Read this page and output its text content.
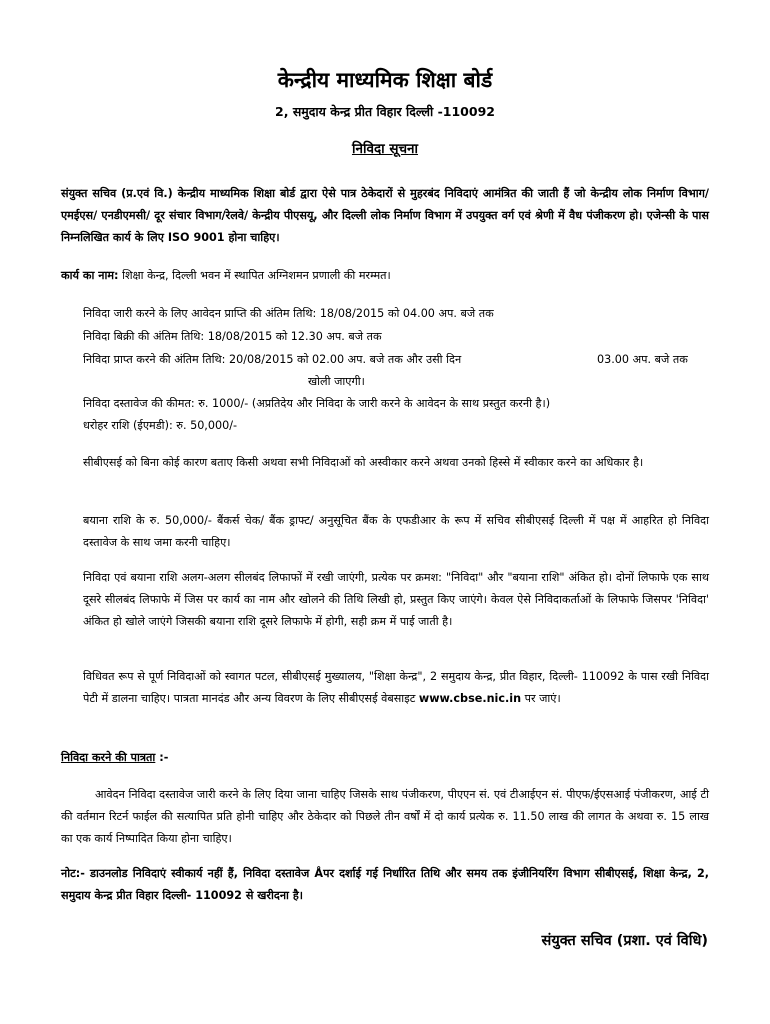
केन्द्रीय माध्यमिक शिक्षा बोर्ड
2, समुदाय केन्द्र प्रीत विहार दिल्ली -110092
निविदा सूचना
संयुक्त सचिव (प्र.एवं वि.) केन्द्रीय माध्यमिक शिक्षा बोर्ड द्वारा ऐसे पात्र ठेकेदारों से मुहरबंद निविदाएं आमंत्रित की जाती हैं जो केन्द्रीय लोक निर्माण विभाग/ एमईएस/ एनडीएमसी/ दूर संचार विभाग/रेलवे/ केन्द्रीय पीएसयू, और दिल्ली लोक निर्माण विभाग में उपयुक्त वर्ग एवं श्रेणी में वैध पंजीकरण हो। एजेन्सी के पास निम्नलिखित कार्य के लिए ISO 9001 होना चाहिए।
कार्य का नाम: शिक्षा केन्द्र, दिल्ली भवन में स्थापित अग्निशमन प्रणाली की मरम्मत।
निविदा जारी करने के लिए आवेदन प्राप्ति की अंतिम तिथि: 18/08/2015 को 04.00 अप. बजे तक
निविदा बिक्री की अंतिम तिथि: 18/08/2015 को 12.30 अप. बजे तक
निविदा प्राप्त करने की अंतिम तिथि: 20/08/2015 को 02.00 अप. बजे तक और उसी दिन	03.00 अप. बजे तक
खोली जाएगी।
निविदा दस्तावेज की कीमत: रु. 1000/- (अप्रतिदेय और निविदा के जारी करने के आवेदन के साथ प्रस्तुत करनी है।)
धरोहर राशि (ईएमडी): रु. 50,000/-
सीबीएसई को बिना कोई कारण बताए किसी अथवा सभी निविदाओं को अस्वीकार करने अथवा उनको हिस्से में स्वीकार करने का अधिकार है।
बयाना राशि के रु. 50,000/- बैंकर्स चेक/ बैंक ड्राफ्ट/ अनुसूचित बैंक के एफडीआर के रूप में सचिव सीबीएसई दिल्ली में पक्ष में आहरित हो निविदा दस्तावेज के साथ जमा करनी चाहिए।
निविदा एवं बयाना राशि अलग-अलग सीलबंद लिफाफों में रखी जाएंगी, प्रत्येक पर क्रमश: "निविदा" और "बयाना राशि" अंकित हो। दोनों लिफाफे एक साथ दूसरे सीलबंद लिफाफे में जिस पर कार्य का नाम और खोलने की तिथि लिखी हो, प्रस्तुत किए जाएंगे। केवल ऐसे निविदाकर्ताओं के लिफाफे जिसपर 'निविदा' अंकित हो खोले जाएंगे जिसकी बयाना राशि दूसरे लिफाफे में होगी, सही क्रम में पाई जाती है।
विधिवत रूप से पूर्ण निविदाओं को स्वागत पटल, सीबीएसई मुख्यालय, "शिक्षा केन्द्र", 2 समुदाय केन्द्र, प्रीत विहार, दिल्ली- 110092 के पास रखी निविदा पेटी में डालना चाहिए। पात्रता मानदंड और अन्य विवरण के लिए सीबीएसई वेबसाइट www.cbse.nic.in पर जाएं।
निविदा करने की पात्रता :-
आवेदन निविदा दस्तावेज जारी करने के लिए दिया जाना चाहिए जिसके साथ पंजीकरण, पीएएन सं. एवं टीआईएन सं. पीएफ/ईएसआई पंजीकरण, आई टी की वर्तमान रिटर्न फाईल की सत्यापित प्रति होनी चाहिए और ठेकेदार को पिछले तीन वर्षों में दो कार्य प्रत्येक रु. 11.50 लाख की लागत के अथवा रु. 15 लाख का एक कार्य निष्पादित किया होना चाहिए।
नोट:- डाउनलोड निविदाएं स्वीकार्य नहीं हैं, निविदा दस्तावेज Åपर दर्शाई गई निर्धारित तिथि और समय तक इंजीनियरिंग विभाग सीबीएसई, शिक्षा केन्द्र, 2, समुदाय केन्द्र प्रीत विहार दिल्ली- 110092 से खरीदना है।
संयुक्त सचिव (प्रशा. एवं विधि)
